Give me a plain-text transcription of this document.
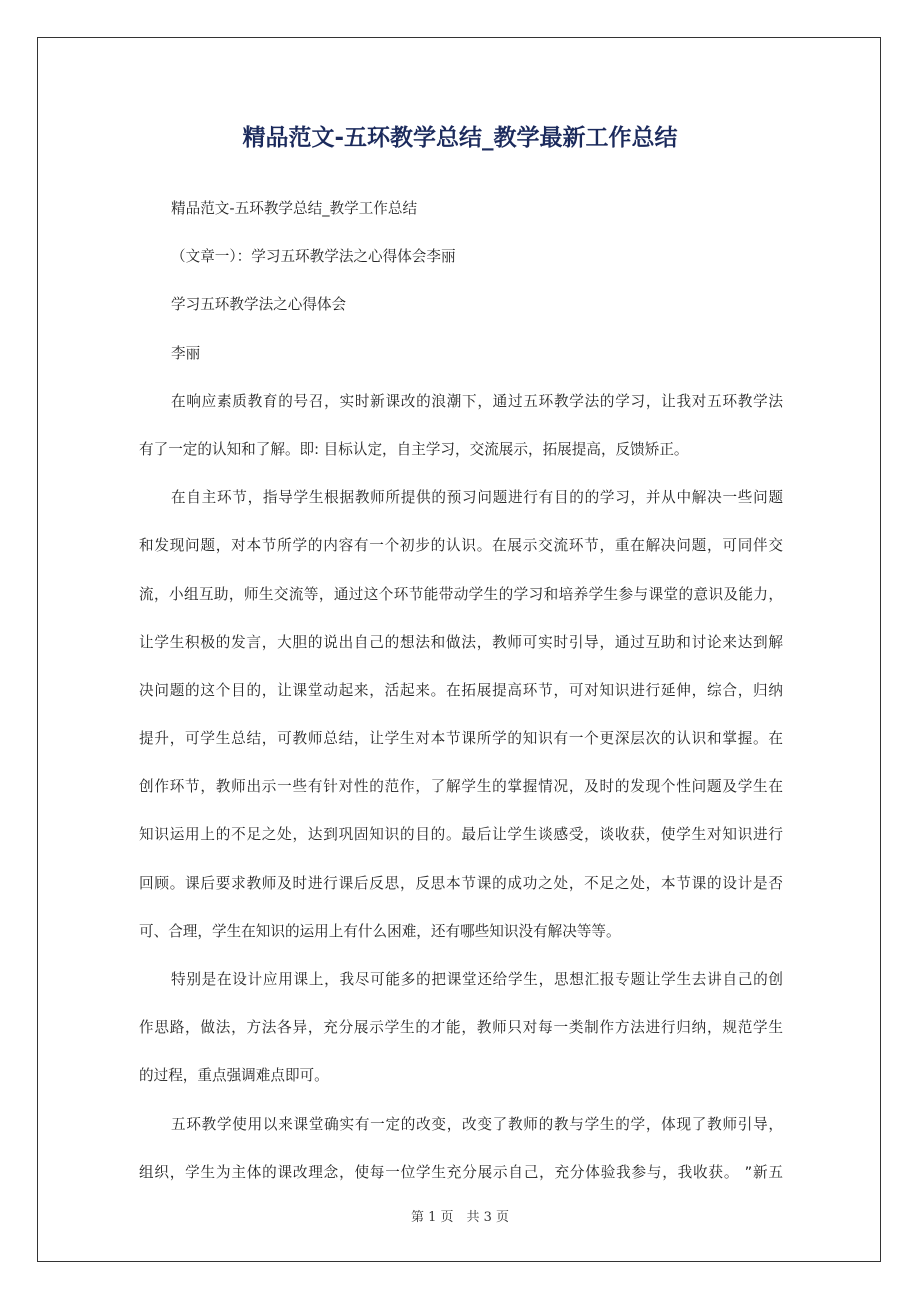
精品范文-五环教学总结_教学最新工作总结
精品范文-五环教学总结_教学工作总结
（文章一）：学习五环教学法之心得体会李丽
学习五环教学法之心得体会
李丽
在响应素质教育的号召，实时新课改的浪潮下，通过五环教学法的学习，让我对五环教学法
有了一定的认知和了解。即: 目标认定，自主学习，交流展示，拓展提高，反馈矫正。
在自主环节，指导学生根据教师所提供的预习问题进行有目的的学习，并从中解决一些问题
和发现问题，对本节所学的内容有一个初步的认识。在展示交流环节，重在解决问题，可同伴交
流，小组互助，师生交流等，通过这个环节能带动学生的学习和培养学生参与课堂的意识及能力，
让学生积极的发言，大胆的说出自己的想法和做法，教师可实时引导，通过互助和讨论来达到解
决问题的这个目的，让课堂动起来，活起来。在拓展提高环节，可对知识进行延伸，综合，归纳
提升，可学生总结，可教师总结，让学生对本节课所学的知识有一个更深层次的认识和掌握。在
创作环节，教师出示一些有针对性的范作，了解学生的掌握情况，及时的发现个性问题及学生在
知识运用上的不足之处，达到巩固知识的目的。最后让学生谈感受，谈收获，使学生对知识进行
回顾。课后要求教师及时进行课后反思，反思本节课的成功之处，不足之处，本节课的设计是否
可、合理，学生在知识的运用上有什么困难，还有哪些知识没有解决等等。
特别是在设计应用课上，我尽可能多的把课堂还给学生，思想汇报专题让学生去讲自己的创
作思路，做法，方法各异，充分展示学生的才能，教师只对每一类制作方法进行归纳，规范学生
的过程，重点强调难点即可。
五环教学使用以来课堂确实有一定的改变，改变了教师的教与学生的学，体现了教师引导，
组织，学生为主体的课改理念，使每一位学生充分展示自己，充分体验我参与，我收获。 ”新五
第 1 页　共 3 页
